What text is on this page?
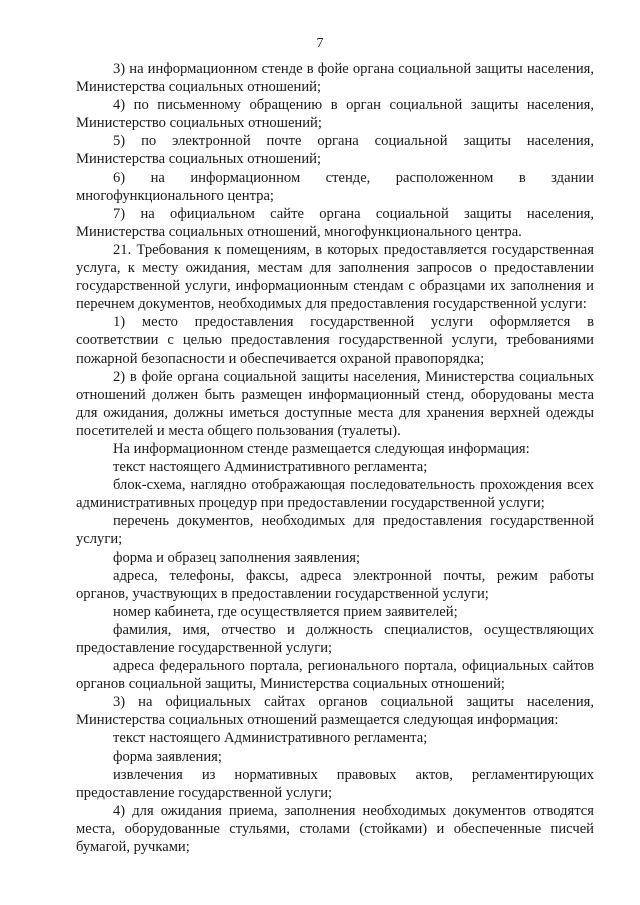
7

3) на информационном стенде в фойе органа социальной защиты населения, Министерства социальных отношений;

4) по письменному обращению в орган социальной защиты населения, Министерство социальных отношений;

5) по электронной почте органа социальной защиты населения, Министерства социальных отношений;

6) на информационном стенде, расположенном в здании многофункционального центра;

7) на официальном сайте органа социальной защиты населения, Министерства социальных отношений, многофункционального центра.

21. Требования к помещениям, в которых предоставляется государственная услуга, к месту ожидания, местам для заполнения запросов о предоставлении государственной услуги, информационным стендам с образцами их заполнения и перечнем документов, необходимых для предоставления государственной услуги:

1) место предоставления государственной услуги оформляется в соответствии с целью предоставления государственной услуги, требованиями пожарной безопасности и обеспечивается охраной правопорядка;

2) в фойе органа социальной защиты населения, Министерства социальных отношений должен быть размещен информационный стенд, оборудованы места для ожидания, должны иметься доступные места для хранения верхней одежды посетителей и места общего пользования (туалеты).

На информационном стенде размещается следующая информация:

текст настоящего Административного регламента;

блок-схема, наглядно отображающая последовательность прохождения всех административных процедур при предоставлении государственной услуги;

перечень документов, необходимых для предоставления государственной услуги;

форма и образец заполнения заявления;

адреса, телефоны, факсы, адреса электронной почты, режим работы органов, участвующих в предоставлении государственной услуги;

номер кабинета, где осуществляется прием заявителей;

фамилия, имя, отчество и должность специалистов, осуществляющих предоставление государственной услуги;

адреса федерального портала, регионального портала, официальных сайтов органов социальной защиты, Министерства социальных отношений;

3) на официальных сайтах органов социальной защиты населения, Министерства социальных отношений размещается следующая информация:

текст настоящего Административного регламента;

форма заявления;

извлечения из нормативных правовых актов, регламентирующих предоставление государственной услуги;

4) для ожидания приема, заполнения необходимых документов отводятся места, оборудованные стульями, столами (стойками) и обеспеченные писчей бумагой, ручками;
